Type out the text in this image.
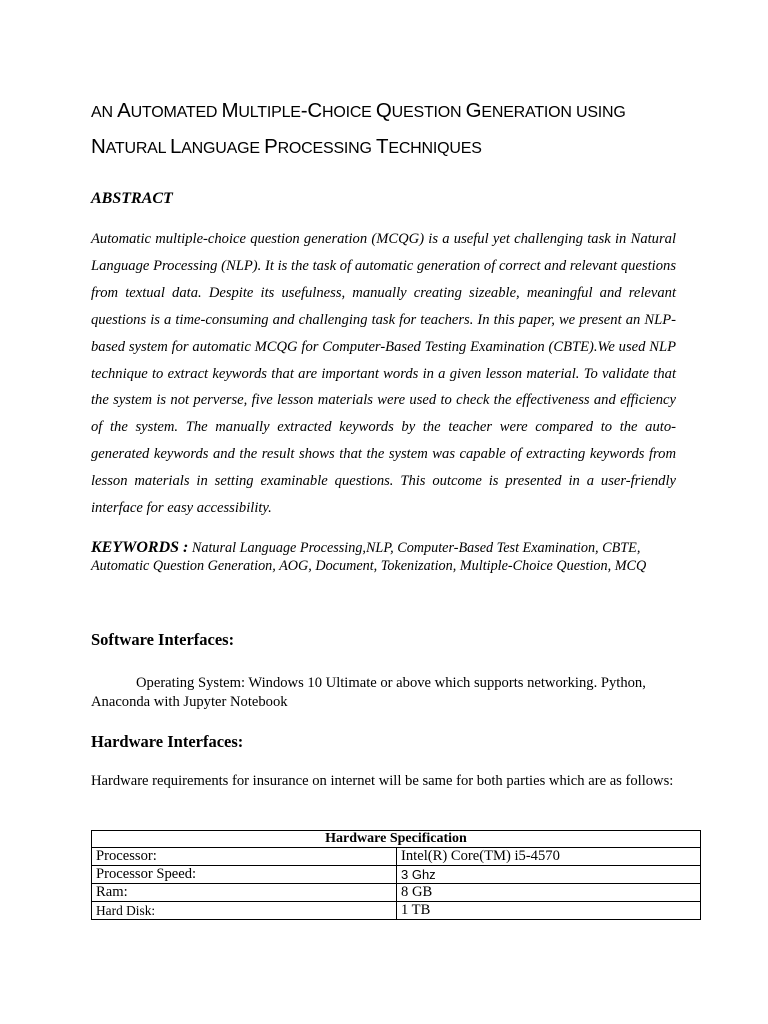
AN AUTOMATED MULTIPLE-CHOICE QUESTION GENERATION USING
NATURAL LANGUAGE PROCESSING TECHNIQUES
ABSTRACT
Automatic multiple-choice question generation (MCQG) is a useful yet challenging task in Natural Language Processing (NLP). It is the task of automatic generation of correct and relevant questions from textual data. Despite its usefulness, manually creating sizeable, meaningful and relevant questions is a time-consuming and challenging task for teachers. In this paper, we present an NLP-based system for automatic MCQG for Computer-Based Testing Examination (CBTE).We used NLP technique to extract keywords that are important words in a given lesson material. To validate that the system is not perverse, five lesson materials were used to check the effectiveness and efficiency of the system. The manually extracted keywords by the teacher were compared to the auto-generated keywords and the result shows that the system was capable of extracting keywords from lesson materials in setting examinable questions. This outcome is presented in a user-friendly interface for easy accessibility.
KEYWORDS : Natural Language Processing,NLP, Computer-Based Test Examination, CBTE, Automatic Question Generation, AOG, Document, Tokenization, Multiple-Choice Question, MCQ
Software Interfaces:
Operating System: Windows 10 Ultimate or above which supports networking. Python, Anaconda with Jupyter Notebook
Hardware Interfaces:
Hardware requirements for insurance on internet will be same for both parties which are as follows:
Hardware Specification	
Processor:	Intel(R) Core(TM) i5-4570
Processor Speed:	3 Ghz
Ram:	8 GB
Hard Disk:	1 TB
